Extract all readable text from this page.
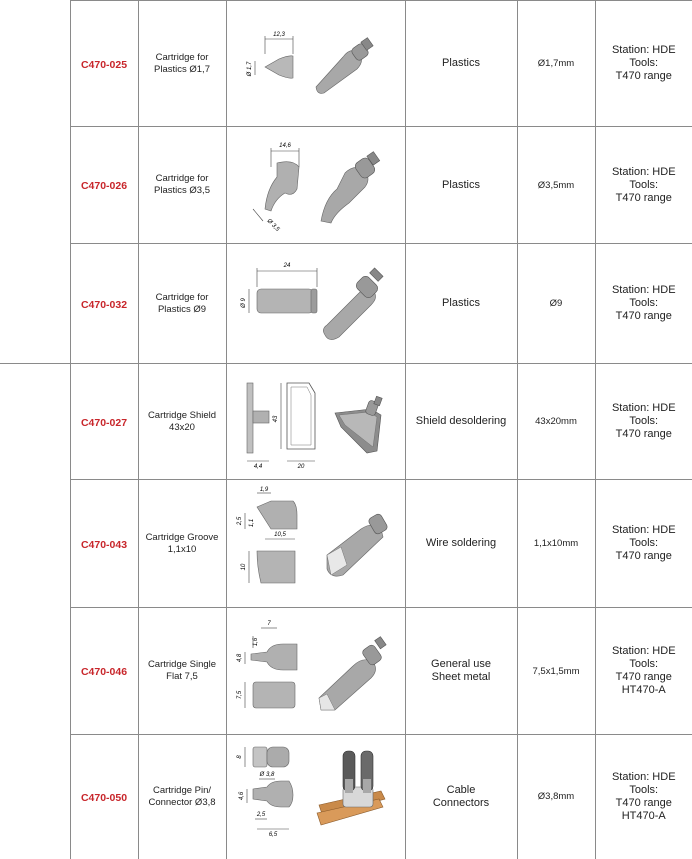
	C470-025	Cartridge for
Plastics Ø1,7	12,3
Ø 1,7	Plastics	Ø1,7mm	Station: HDE
Tools:
T470 range

	C470-026	Cartridge for
Plastics Ø3,5	14,6
Ø 3,5	Plastics	Ø3,5mm	Station: HDE
Tools:
T470 range

	C470-032	Cartridge for
Plastics Ø9	24
Ø 9	Plastics	Ø9	Station: HDE
Tools:
T470 range

	C470-027	Cartridge Shield
43x20	43
4,4 20	Shield desoldering	43x20mm	Station: HDE
Tools:
T470 range

	C470-043	Cartridge Groove
1,1x10	1,9
2,5 1,1
10,5
10	Wire soldering	1,1x10mm	Station: HDE
Tools:
T470 range

	C470-046	Cartridge Single
Flat 7,5	7
1,6
4,8
7,5	General use
Sheet metal	7,5x1,5mm	Station: HDE
Tools:
T470 range
HT470-A

	C470-050	Cartridge Pin/
Connector Ø3,8	8
Ø 3,8
4,6
2,5
6,5	Cable
Connectors	Ø3,8mm	Station: HDE
Tools:
T470 range
HT470-A
